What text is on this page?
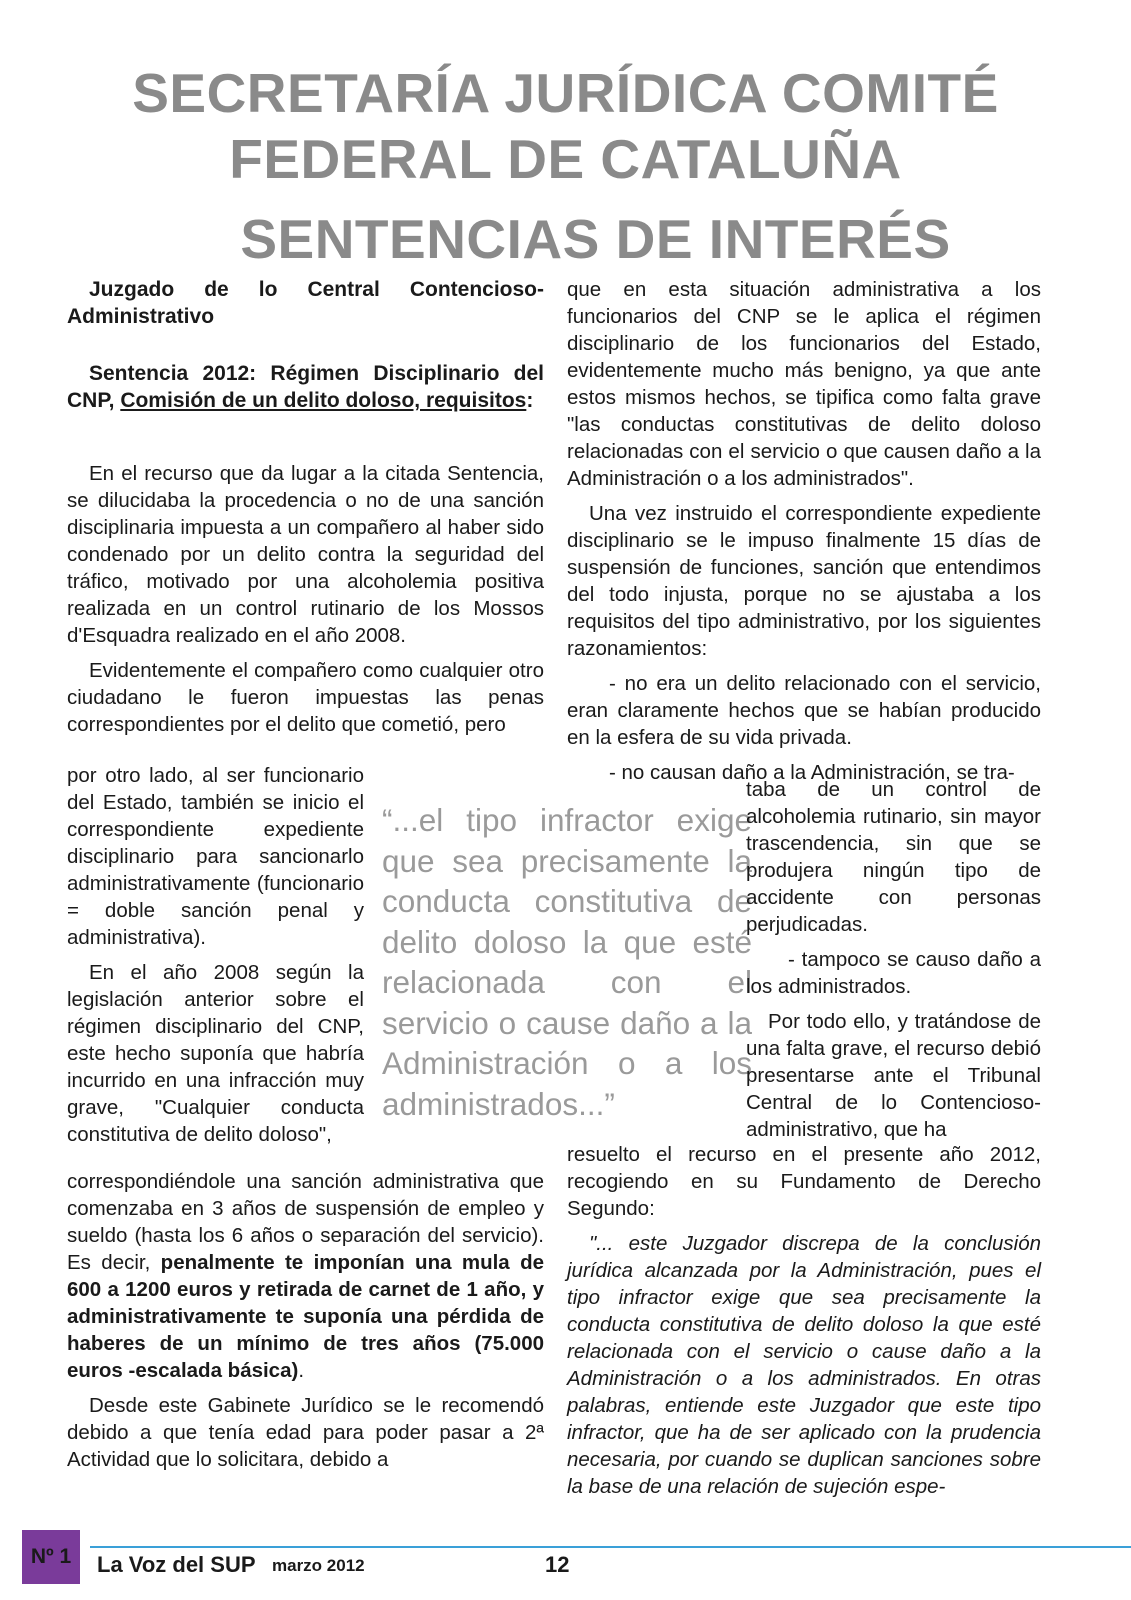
SECRETARÍA JURÍDICA COMITÉ
FEDERAL DE CATALUÑA
SENTENCIAS DE INTERÉS

Juzgado de lo Central Contencioso-Administrativo

Sentencia 2012: Régimen Disciplinario del CNP, Comisión de un delito doloso, requisitos:

En el recurso que da lugar a la citada Sentencia, se dilucidaba la procedencia o no de una sanción disciplinaria impuesta a un compañero al haber sido condenado por un delito contra la seguridad del tráfico, motivado por una alcoholemia positiva realizada en un control rutinario de los Mossos d'Esquadra realizado en el año 2008.

Evidentemente el compañero como cualquier otro ciudadano le fueron impuestas las penas correspondientes por el delito que cometió, pero

por otro lado, al ser funcionario del Estado, también se inicio el correspondiente expediente disciplinario para sancionarlo administrativamente (funcionario = doble sanción penal y administrativa).

En el año 2008 según la legislación anterior sobre el régimen disciplinario del CNP, este hecho suponía que habría incurrido en una infracción muy grave, "Cualquier conducta constitutiva de delito doloso",

correspondiéndole una sanción administrativa que comenzaba en 3 años de suspensión de empleo y sueldo (hasta los 6 años o separación del servicio). Es decir, penalmente te imponían una mula de 600 a 1200 euros y retirada de carnet de 1 año, y administrativamente te suponía una pérdida de haberes de un mínimo de tres años (75.000 euros -escalada básica).

Desde este Gabinete Jurídico se le recomendó debido a que tenía edad para poder pasar a 2ª Actividad que lo solicitara, debido a

“...el tipo infractor exige que sea precisamente la conducta constitutiva de delito doloso la que esté relacionada con el servicio o cause daño a la Administración o a los administrados...”

que en esta situación administrativa a los funcionarios del CNP se le aplica el régimen disciplinario de los funcionarios del Estado, evidentemente mucho más benigno, ya que ante estos mismos hechos, se tipifica como falta grave "las conductas constitutivas de delito doloso relacionadas con el servicio o que causen daño a la Administración o a los administrados".

Una vez instruido el correspondiente expediente disciplinario se le impuso finalmente 15 días de suspensión de funciones, sanción que entendimos del todo injusta, porque no se ajustaba a los requisitos del tipo administrativo, por los siguientes razonamientos:

- no era un delito relacionado con el servicio, eran claramente hechos que se habían producido en la esfera de su vida privada.

- no causan daño a la Administración, se tra-

taba de un control de alcoholemia rutinario, sin mayor trascendencia, sin que se produjera ningún tipo de accidente con personas perjudicadas.

- tampoco se causo daño a los administrados.

Por todo ello, y tratándose de una falta grave, el recurso debió presentarse ante el Tribunal Central de lo Contencioso-administrativo, que ha

resuelto el recurso en el presente año 2012, recogiendo en su Fundamento de Derecho Segundo:

"... este Juzgador discrepa de la conclusión jurídica alcanzada por la Administración, pues el tipo infractor exige que sea precisamente la conducta constitutiva de delito doloso la que esté relacionada con el servicio o cause daño a la Administración o a los administrados. En otras palabras, entiende este Juzgador que este tipo infractor, que ha de ser aplicado con la prudencia necesaria, por cuando se duplican sanciones sobre la base de una relación de sujeción espe-

Nº 1	La Voz del SUP marzo 2012	12
